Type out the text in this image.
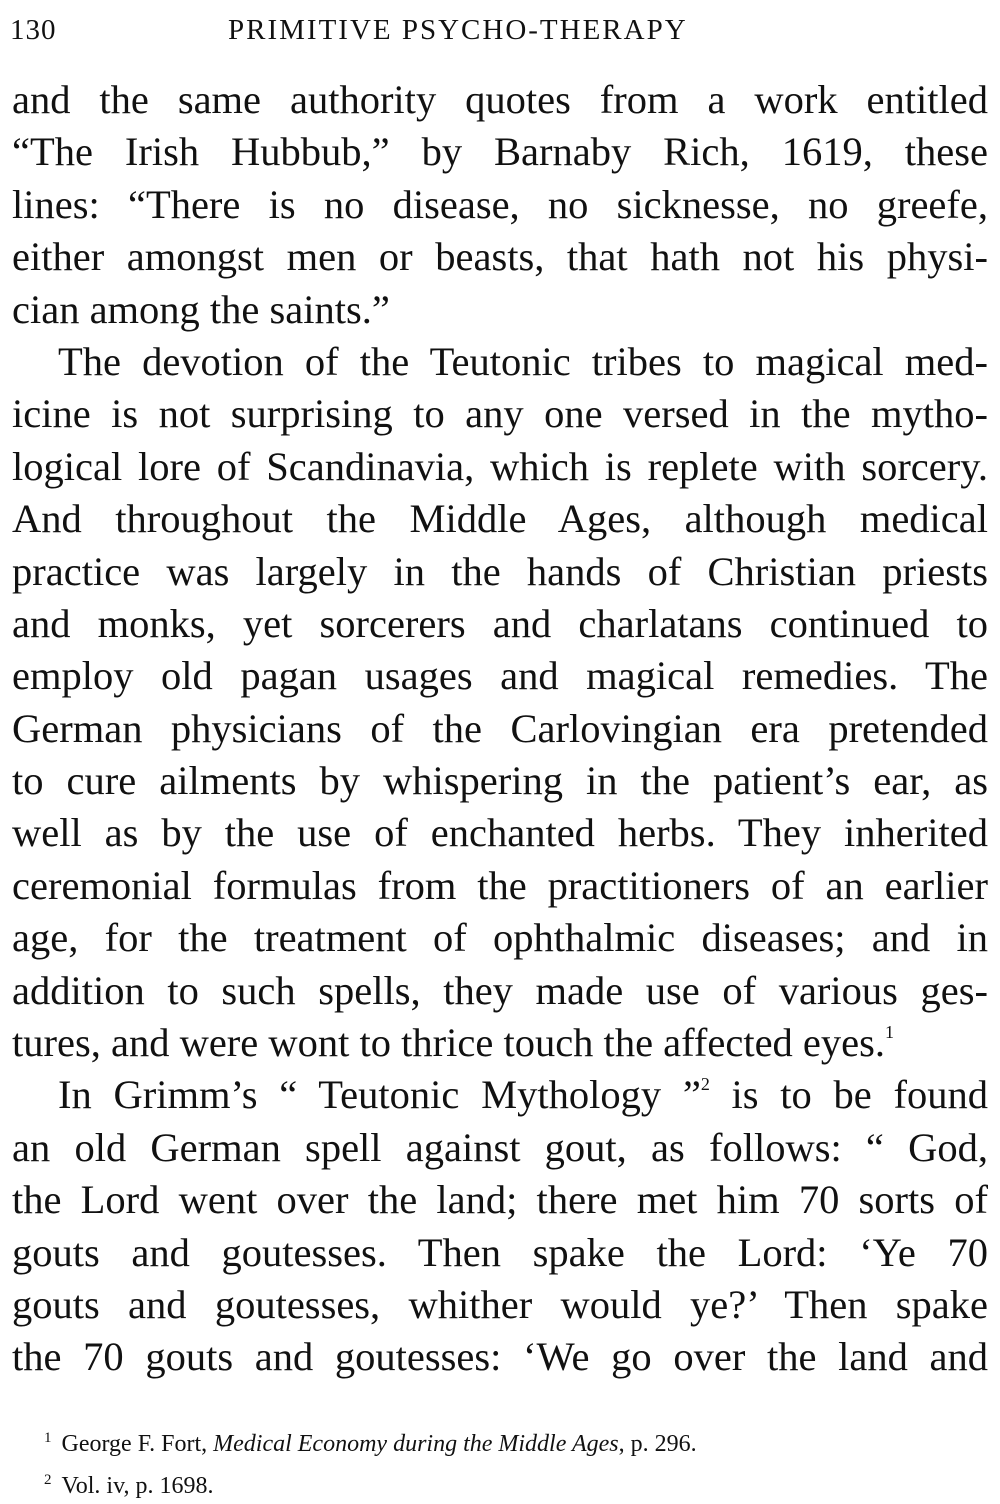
130	PRIMITIVE PSYCHO-THERAPY
and the same authority quotes from a work entitled
“The Irish Hubbub,” by Barnaby Rich, 1619, these
lines: “There is no disease, no sicknesse, no greefe,
either amongst men or beasts, that hath not his physi-
cian among the saints.”
The devotion of the Teutonic tribes to magical med-
icine is not surprising to any one versed in the mytho-
logical lore of Scandinavia, which is replete with sorcery.
And throughout the Middle Ages, although medical
practice was largely in the hands of Christian priests
and monks, yet sorcerers and charlatans continued to
employ old pagan usages and magical remedies. The
German physicians of the Carlovingian era pretended
to cure ailments by whispering in the patient’s ear, as
well as by the use of enchanted herbs. They inherited
ceremonial formulas from the practitioners of an earlier
age, for the treatment of ophthalmic diseases; and in
addition to such spells, they made use of various ges-
tures, and were wont to thrice touch the affected eyes.$^1$
In Grimm’s “ Teutonic Mythology ”$^2$ is to be found
an old German spell against gout, as follows: “ God,
the Lord went over the land; there met him 70 sorts of
gouts and goutesses. Then spake the Lord: ‘Ye 70
gouts and goutesses, whither would ye?’ Then spake
the 70 gouts and goutesses: ‘We go over the land and
$^1$ George F. Fort, Medical Economy during the Middle Ages, p. 296.
$^2$ Vol. iv, p. 1698.
